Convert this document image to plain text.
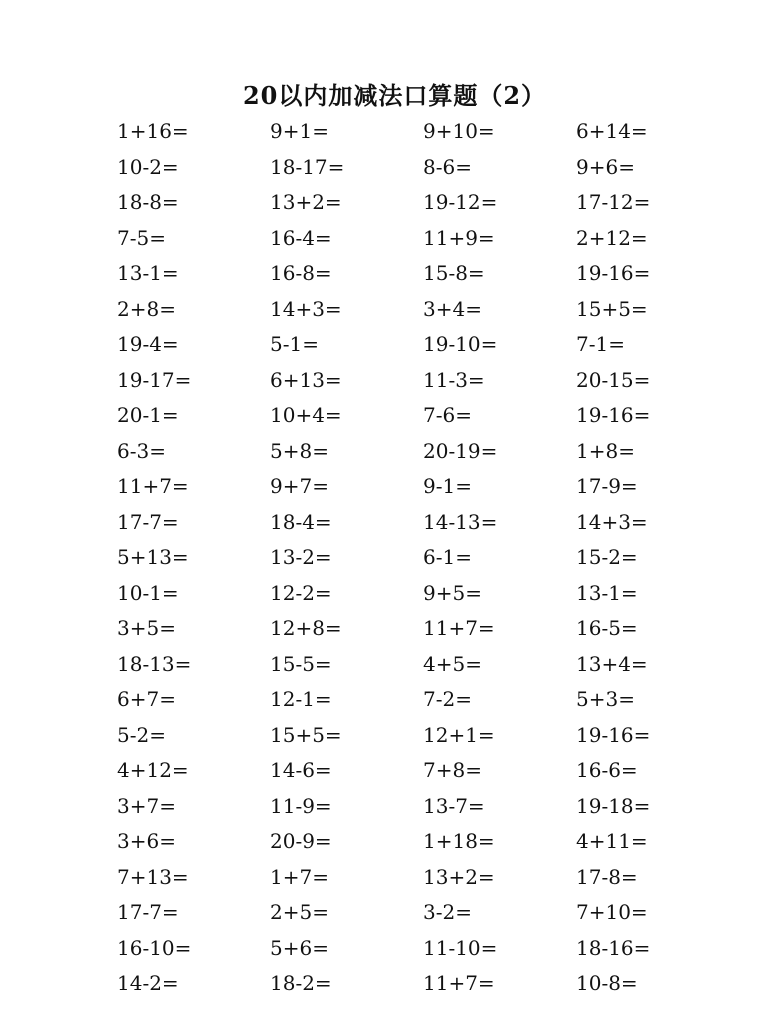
20以内加减法口算题（2）
1+16=	9+1=	9+10=	6+14=
10-2=	18-17=	8-6=	9+6=
18-8=	13+2=	19-12=	17-12=
7-5=	16-4=	11+9=	2+12=
13-1=	16-8=	15-8=	19-16=
2+8=	14+3=	3+4=	15+5=
19-4=	5-1=	19-10=	7-1=
19-17=	6+13=	11-3=	20-15=
20-1=	10+4=	7-6=	19-16=
6-3=	5+8=	20-19=	1+8=
11+7=	9+7=	9-1=	17-9=
17-7=	18-4=	14-13=	14+3=
5+13=	13-2=	6-1=	15-2=
10-1=	12-2=	9+5=	13-1=
3+5=	12+8=	11+7=	16-5=
18-13=	15-5=	4+5=	13+4=
6+7=	12-1=	7-2=	5+3=
5-2=	15+5=	12+1=	19-16=
4+12=	14-6=	7+8=	16-6=
3+7=	11-9=	13-7=	19-18=
3+6=	20-9=	1+18=	4+11=
7+13=	1+7=	13+2=	17-8=
17-7=	2+5=	3-2=	7+10=
16-10=	5+6=	11-10=	18-16=
14-2=	18-2=	11+7=	10-8=
